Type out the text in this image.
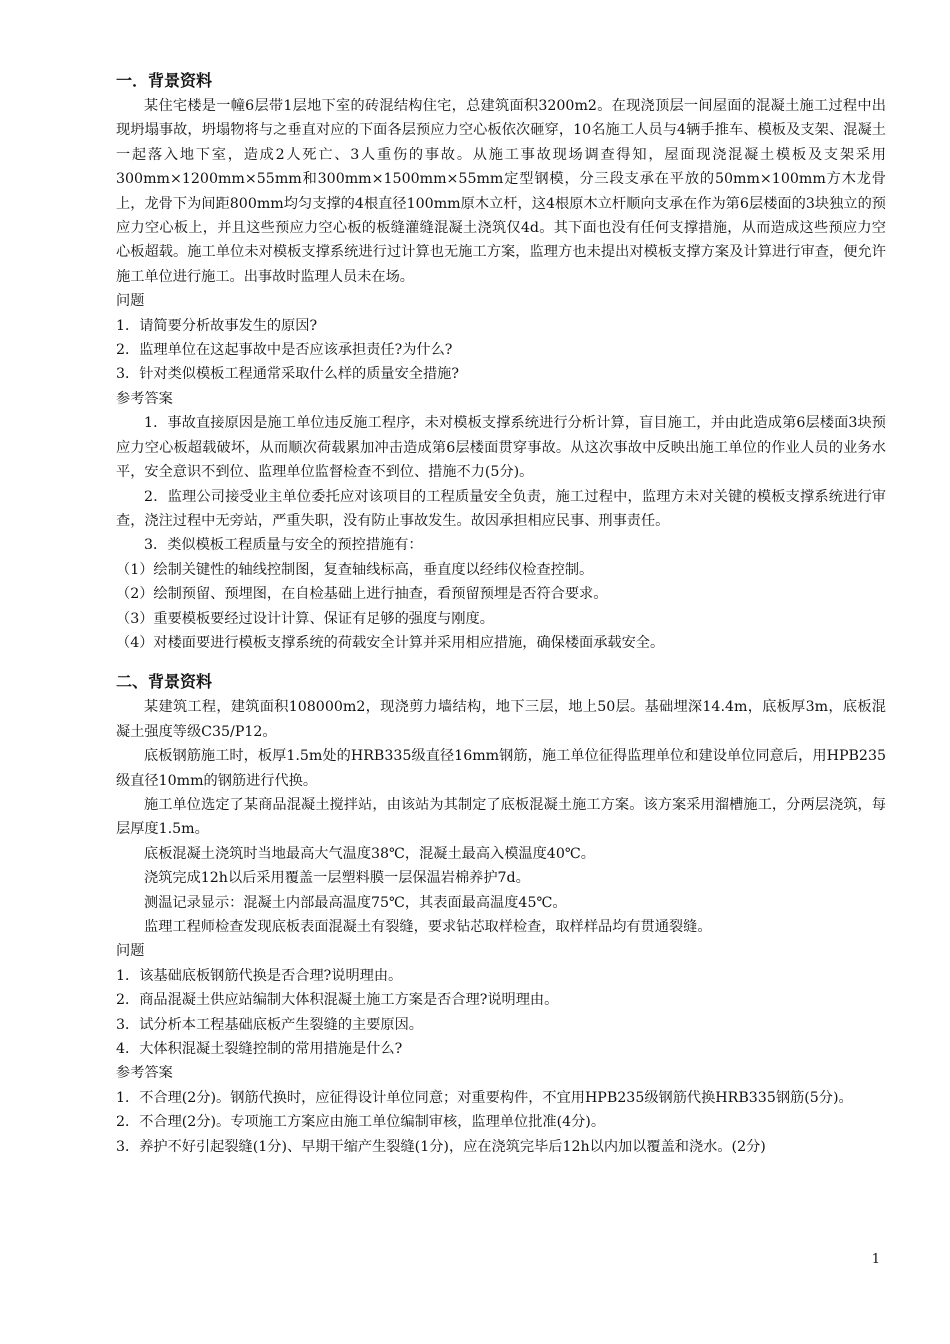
一．背景资料

某住宅楼是一幢6层带1层地下室的砖混结构住宅，总建筑面积3200m2。在现浇顶层一间屋面的混凝土施工过程中出现坍塌事故，坍塌物将与之垂直对应的下面各层预应力空心板依次砸穿，10名施工人员与4辆手推车、模板及支架、混凝土一起落入地下室，造成2人死亡、3人重伤的事故。从施工事故现场调查得知，屋面现浇混凝土模板及支架采用300mm×1200mm×55mm和300mm×1500mm×55mm定型钢模，分三段支承在平放的50mm×100mm方木龙骨上，龙骨下为间距800mm均匀支撑的4根直径100mm原木立杆，这4根原木立杆顺向支承在作为第6层楼面的3块独立的预应力空心板上，并且这些预应力空心板的板缝灌缝混凝土浇筑仅4d。其下面也没有任何支撑措施，从而造成这些预应力空心板超载。施工单位未对模板支撑系统进行过计算也无施工方案，监理方也未提出对模板支撑方案及计算进行审查，便允许施工单位进行施工。出事故时监理人员未在场。

问题

1．请简要分析故事发生的原因?

2．监理单位在这起事故中是否应该承担责任?为什么?

3．针对类似模板工程通常采取什么样的质量安全措施?

参考答案

1．事故直接原因是施工单位违反施工程序，未对模板支撑系统进行分析计算，盲目施工，并由此造成第6层楼面3块预应力空心板超载破坏，从而顺次荷载累加冲击造成第6层楼面贯穿事故。从这次事故中反映出施工单位的作业人员的业务水平，安全意识不到位、监理单位监督检查不到位、措施不力(5分)。

2．监理公司接受业主单位委托应对该项目的工程质量安全负责，施工过程中，监理方未对关键的模板支撑系统进行审查，浇注过程中无旁站，严重失职，没有防止事故发生。故因承担相应民事、刑事责任。

3．类似模板工程质量与安全的预控措施有：

（1）绘制关键性的轴线控制图，复查轴线标高，垂直度以经纬仪检查控制。

（2）绘制预留、预埋图，在自检基础上进行抽查，看预留预埋是否符合要求。

（3）重要模板要经过设计计算、保证有足够的强度与刚度。

（4）对楼面要进行模板支撑系统的荷载安全计算并采用相应措施，确保楼面承载安全。

二、背景资料

某建筑工程，建筑面积108000m2，现浇剪力墙结构，地下三层，地上50层。基础埋深14.4m，底板厚3m，底板混凝土强度等级C35/P12。

底板钢筋施工时，板厚1.5m处的HRB335级直径16mm钢筋，施工单位征得监理单位和建设单位同意后，用HPB235级直径10mm的钢筋进行代换。

施工单位选定了某商品混凝土搅拌站，由该站为其制定了底板混凝土施工方案。该方案采用溜槽施工，分两层浇筑，每层厚度1.5m。

底板混凝土浇筑时当地最高大气温度38℃，混凝土最高入模温度40℃。

浇筑完成12h以后采用覆盖一层塑料膜一层保温岩棉养护7d。

测温记录显示：混凝土内部最高温度75℃，其表面最高温度45℃。

监理工程师检查发现底板表面混凝土有裂缝，要求钻芯取样检查，取样样品均有贯通裂缝。

问题

1．该基础底板钢筋代换是否合理?说明理由。

2．商品混凝土供应站编制大体积混凝土施工方案是否合理?说明理由。

3．试分析本工程基础底板产生裂缝的主要原因。

4．大体积混凝土裂缝控制的常用措施是什么?

参考答案

1．不合理(2分)。钢筋代换时，应征得设计单位同意；对重要构件，不宜用HPB235级钢筋代换HRB335钢筋(5分)。

2．不合理(2分)。专项施工方案应由施工单位编制审核，监理单位批准(4分)。

3．养护不好引起裂缝(1分)、早期干缩产生裂缝(1分)，应在浇筑完毕后12h以内加以覆盖和浇水。(2分)

1
